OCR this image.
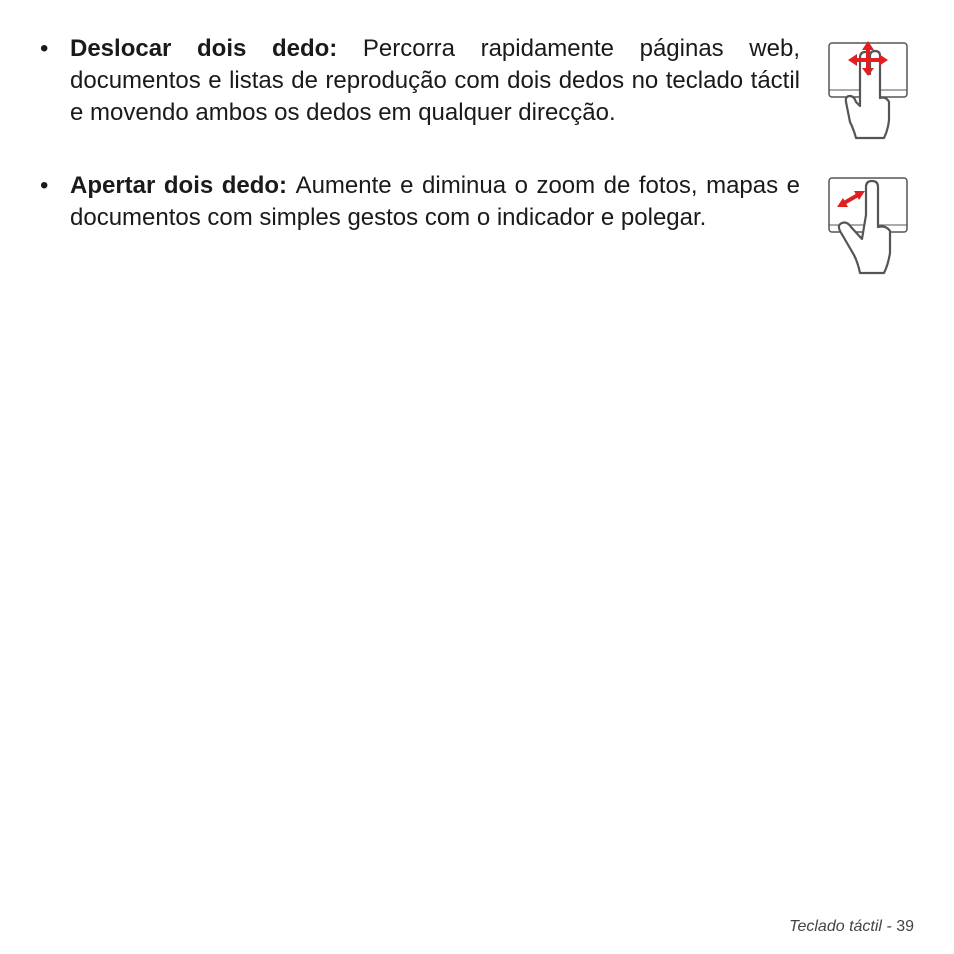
• Deslocar dois dedo: Percorra rapidamente páginas web, documentos e listas de reprodução com dois dedos no teclado táctil e movendo ambos os dedos em qualquer direcção.
• Apertar dois dedo: Aumente e diminua o zoom de fotos, mapas e documentos com simples gestos com o indicador e polegar.
Teclado táctil - 39
